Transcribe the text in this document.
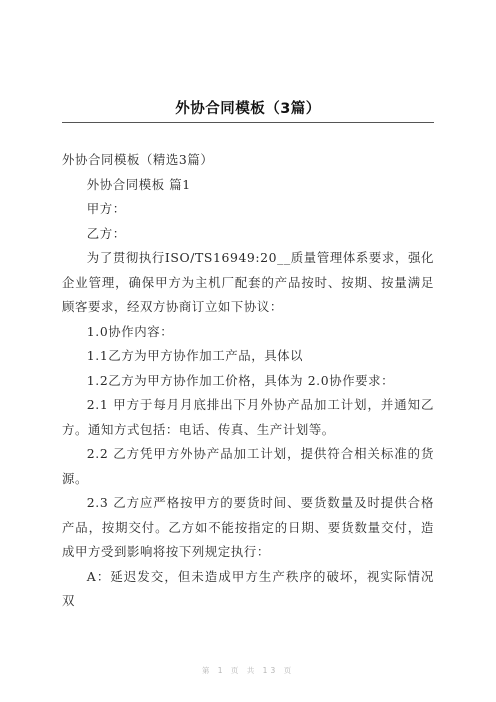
外协合同模板（3篇）

外协合同模板（精选3篇）

外协合同模板 篇1

甲方：

乙方：

为了贯彻执行ISO/TS16949:20__质量管理体系要求，强化企业管理，确保甲方为主机厂配套的产品按时、按期、按量满足顾客要求，经双方协商订立如下协议：

1.0协作内容：

1.1乙方为甲方协作加工产品，具体以

1.2乙方为甲方协作加工价格，具体为 2.0协作要求：

2.1 甲方于每月月底排出下月外协产品加工计划，并通知乙方。通知方式包括：电话、传真、生产计划等。

2.2 乙方凭甲方外协产品加工计划，提供符合相关标准的货源。

2.3 乙方应严格按甲方的要货时间、要货数量及时提供合格产品，按期交付。乙方如不能按指定的日期、要货数量交付，造成甲方受到影响将按下列规定执行：

A：延迟发交，但未造成甲方生产秩序的破坏，视实际情况双

第 1 页 共 13 页
